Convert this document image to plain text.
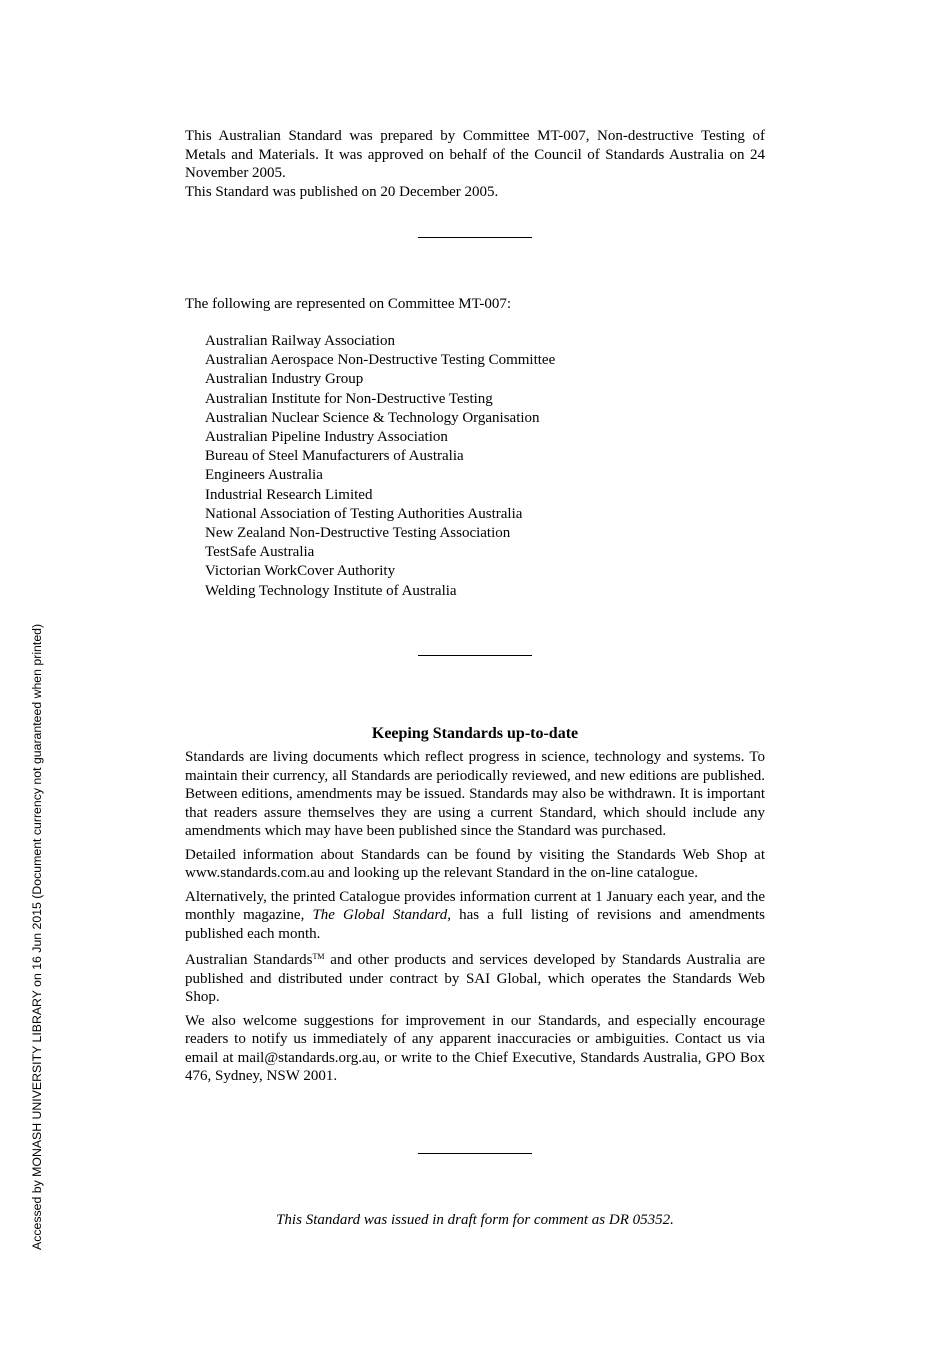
This Australian Standard was prepared by Committee MT-007, Non-destructive Testing of Metals and Materials. It was approved on behalf of the Council of Standards Australia on 24 November 2005.

This Standard was published on 20 December 2005.

The following are represented on Committee MT-007:

Australian Railway Association
Australian Aerospace Non-Destructive Testing Committee
Australian Industry Group
Australian Institute for Non-Destructive Testing
Australian Nuclear Science & Technology Organisation
Australian Pipeline Industry Association
Bureau of Steel Manufacturers of Australia
Engineers Australia
Industrial Research Limited
National Association of Testing Authorities Australia
New Zealand Non-Destructive Testing Association
TestSafe Australia
Victorian WorkCover Authority
Welding Technology Institute of Australia
Keeping Standards up-to-date

Standards are living documents which reflect progress in science, technology and systems. To maintain their currency, all Standards are periodically reviewed, and new editions are published. Between editions, amendments may be issued. Standards may also be withdrawn. It is important that readers assure themselves they are using a current Standard, which should include any amendments which may have been published since the Standard was purchased.

Detailed information about Standards can be found by visiting the Standards Web Shop at www.standards.com.au and looking up the relevant Standard in the on-line catalogue.

Alternatively, the printed Catalogue provides information current at 1 January each year, and the monthly magazine, The Global Standard, has a full listing of revisions and amendments published each month.

Australian Standards™ and other products and services developed by Standards Australia are published and distributed under contract by SAI Global, which operates the Standards Web Shop.

We also welcome suggestions for improvement in our Standards, and especially encourage readers to notify us immediately of any apparent inaccuracies or ambiguities. Contact us via email at mail@standards.org.au, or write to the Chief Executive, Standards Australia, GPO Box 476, Sydney, NSW 2001.

This Standard was issued in draft form for comment as DR 05352.

Accessed by MONASH UNIVERSITY LIBRARY on 16 Jun 2015 (Document currency not guaranteed when printed)
